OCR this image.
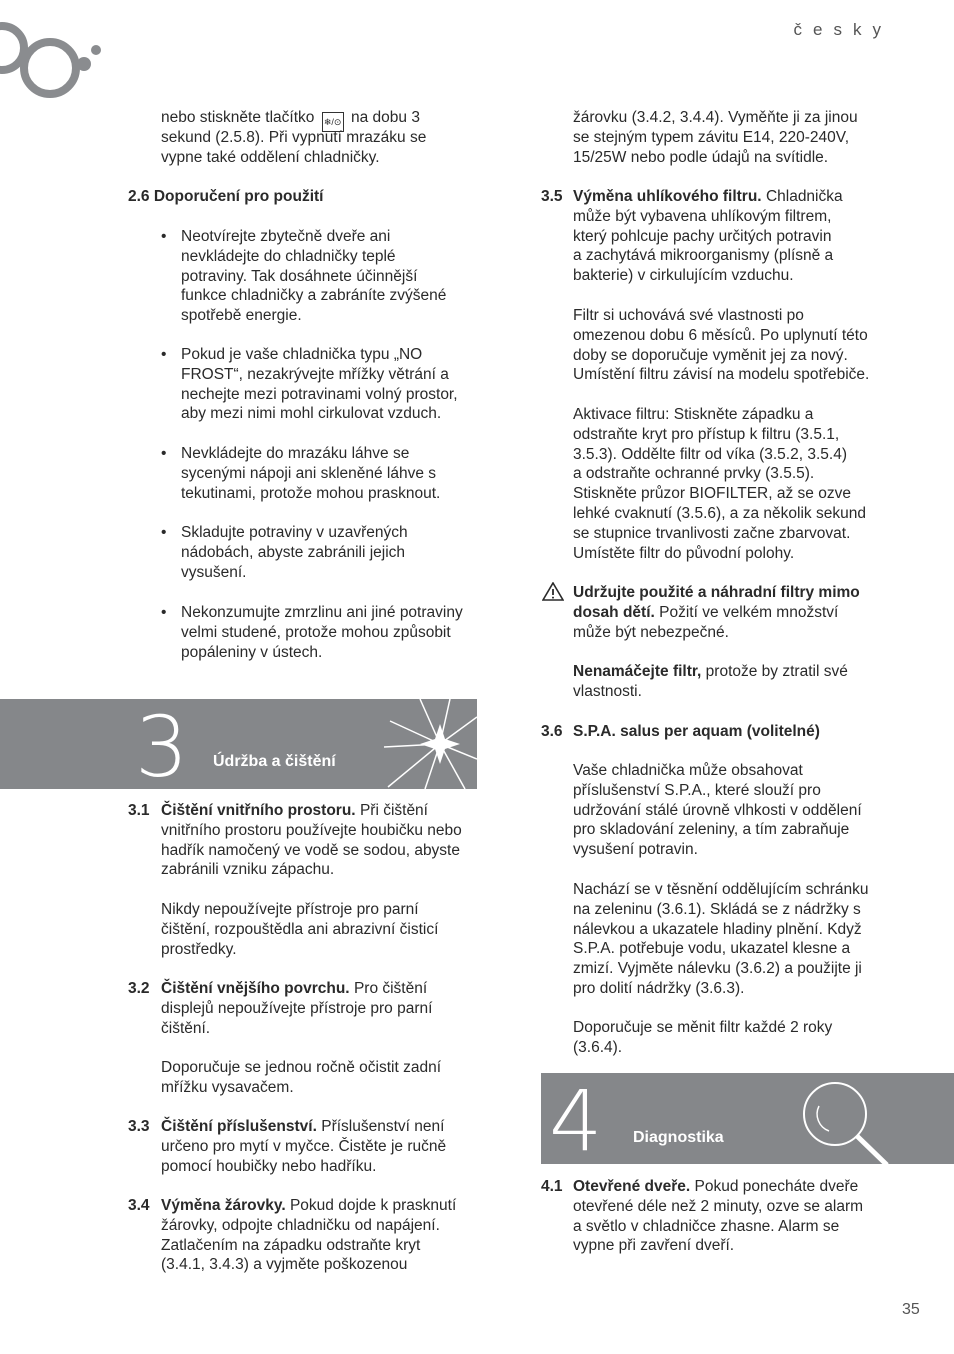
česky
nebo stiskněte tlačítko ❄/⊙ na dobu 3
sekund (2.5.8). Při vypnutí mrazáku se
vypne také oddělení chladničky.
2.6 Doporučení pro použití
• Neotvírejte zbytečně dveře ani
nevkládejte do chladničky teplé
potraviny. Tak dosáhnete účinnější
funkce chladničky a zabráníte zvýšené
spotřebě energie.
• Pokud je vaše chladnička typu „NO
FROST“, nezakrývejte mřížky větrání a
nechejte mezi potravinami volný prostor,
aby mezi nimi mohl cirkulovat vzduch.
• Nevkládejte do mrazáku láhve se
sycenými nápoji ani skleněné láhve s
tekutinami, protože mohou prasknout.
• Skladujte potraviny v uzavřených
nádobách, abyste zabránili jejich
vysušení.
• Nekonzumujte zmrzlinu ani jiné potraviny
velmi studené, protože mohou způsobit
popáleniny v ústech.
3 Údržba a čištění
3.1 Čištění vnitřního prostoru. Při čištění
vnitřního prostoru používejte houbičku nebo
hadřík namočený ve vodě se sodou, abyste
zabránili vzniku zápachu.
Nikdy nepoužívejte přístroje pro parní
čištění, rozpouštědla ani abrazivní čisticí
prostředky.
3.2 Čištění vnějšího povrchu. Pro čištění
displejů nepoužívejte přístroje pro parní
čištění.
Doporučuje se jednou ročně očistit zadní
mřížku vysavačem.
3.3 Čištění příslušenství. Příslušenství není
určeno pro mytí v myčce. Čistěte je ručně
pomocí houbičky nebo hadříku.
3.4 Výměna žárovky. Pokud dojde k prasknutí
žárovky, odpojte chladničku od napájení.
Zatlačením na západku odstraňte kryt
(3.4.1, 3.4.3) a vyjměte poškozenou
žárovku (3.4.2, 3.4.4). Vyměňte ji za jinou
se stejným typem závitu E14, 220-240V,
15/25W nebo podle údajů na svítidle.
3.5 Výměna uhlíkového filtru. Chladnička
může být vybavena uhlíkovým filtrem,
který pohlcuje pachy určitých potravin
a zachytává mikroorganismy (plísně a
bakterie) v cirkulujícím vzduchu.
Filtr si uchovává své vlastnosti po
omezenou dobu 6 měsíců. Po uplynutí této
doby se doporučuje vyměnit jej za nový.
Umístění filtru závisí na modelu spotřebiče.
Aktivace filtru: Stiskněte západku a
odstraňte kryt pro přístup k filtru (3.5.1,
3.5.3). Oddělte filtr od víka (3.5.2, 3.5.4)
a odstraňte ochranné prvky (3.5.5).
Stiskněte průzor BIOFILTER, až se ozve
lehké cvaknutí (3.5.6), a za několik sekund
se stupnice trvanlivosti začne zbarvovat.
Umístěte filtr do původní polohy.
Udržujte použité a náhradní filtry mimo
dosah dětí. Požití ve velkém množství
může být nebezpečné.
Nenamáčejte filtr, protože by ztratil své
vlastnosti.
3.6 S.P.A. salus per aquam (volitelné)
Vaše chladnička může obsahovat
příslušenství S.P.A., které slouží pro
udržování stálé úrovně vlhkosti v oddělení
pro skladování zeleniny, a tím zabraňuje
vysušení potravin.
Nachází se v těsnění oddělujícím schránku
na zeleninu (3.6.1). Skládá se z nádržky s
nálevkou a ukazatele hladiny plnění. Když
S.P.A. potřebuje vodu, ukazatel klesne a
zmizí. Vyjměte nálevku (3.6.2) a použijte ji
pro dolití nádržky (3.6.3).
Doporučuje se měnit filtr každé 2 roky
(3.6.4).
4.1 Otevřené dveře. Pokud ponecháte dveře
otevřené déle než 2 minuty, ozve se alarm
a světlo v chladničce zhasne. Alarm se
vypne při zavření dveří.
4 Diagnostika
35
